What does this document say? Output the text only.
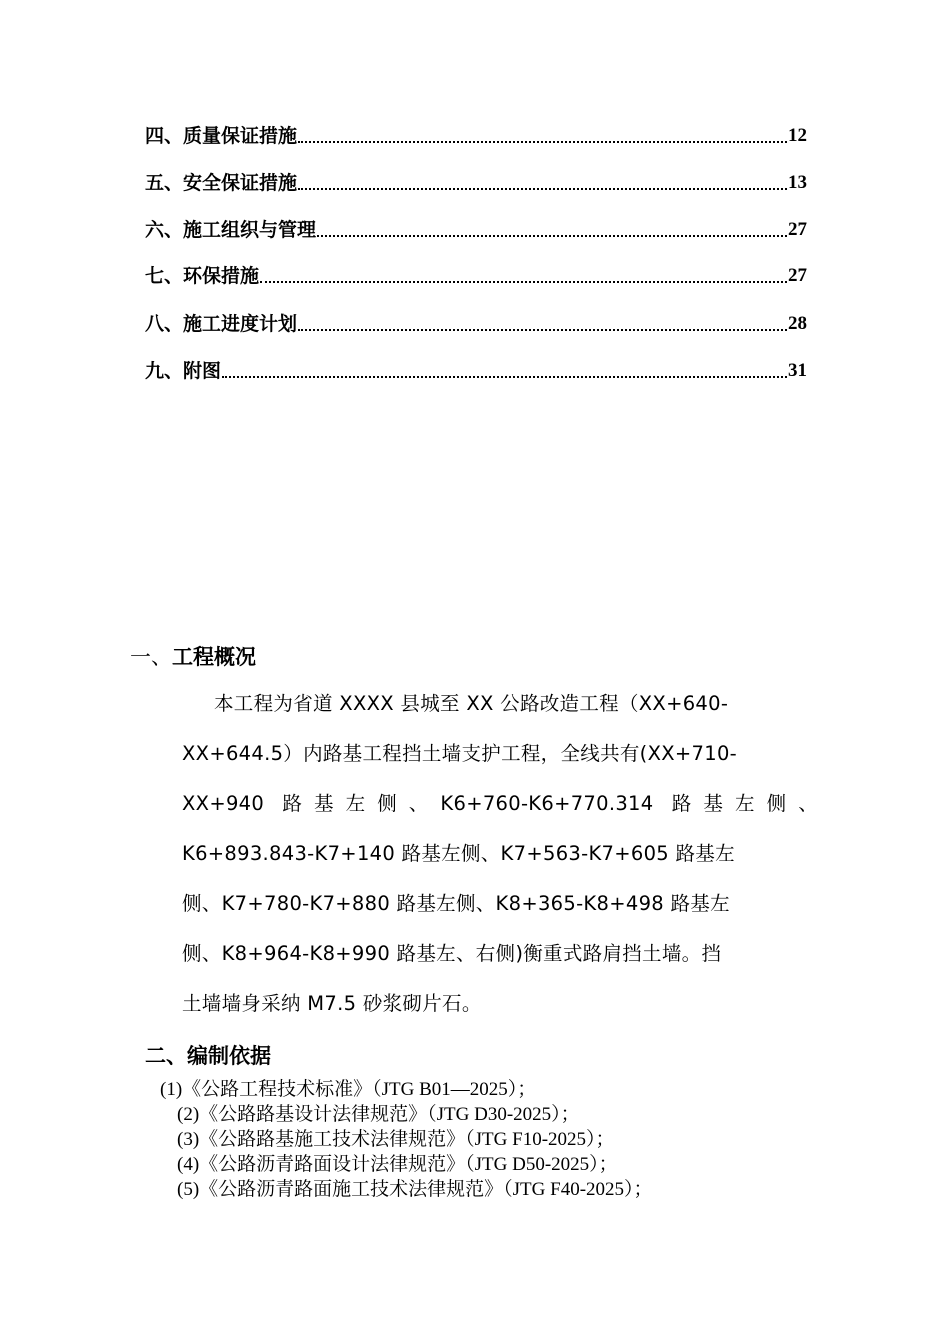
四、质量保证措施	12
五、安全保证措施	13
六、施工组织与管理	27
七、环保措施	27
八、施工进度计划	28
九、附图	31
一、工程概况
本工程为省道 XXXX 县城至 XX 公路改造工程（XX+640-
XX+644.5）内路基工程挡土墙支护工程，全线共有(XX+710-
XX+940 路基左侧、K6+760-K6+770.314 路基左侧、
K6+893.843-K7+140 路基左侧、K7+563-K7+605 路基左
侧、K7+780-K7+880 路基左侧、K8+365-K8+498 路基左
侧、K8+964-K8+990 路基左、右侧)衡重式路肩挡土墙。挡
土墙墙身采纳 M7.5 砂浆砌片石。
二、编制依据
(1)《公路工程技术标准》（JTG B01—2025）；
(2)《公路路基设计法律规范》（JTG D30-2025）；
(3)《公路路基施工技术法律规范》（JTG F10-2025）；
(4)《公路沥青路面设计法律规范》（JTG D50-2025）；
(5)《公路沥青路面施工技术法律规范》（JTG F40-2025）；
